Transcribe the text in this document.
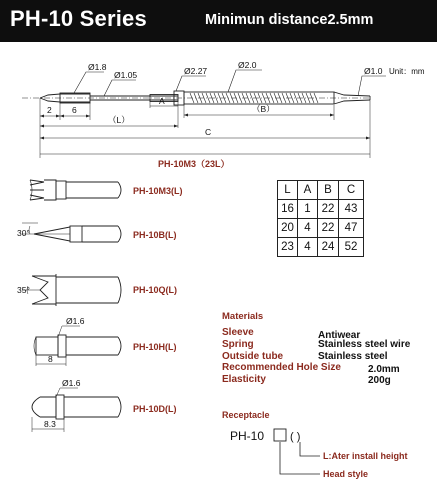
PH-10 Series	Minimun distance2.5mm
Ø1.8
Ø1.05	Ø2.27
Ø2.0
Ø1.0 Unit：mm
2 6
A
（B）
（L）
C
PH-10M3（23L）
30°
35°
Ø1.6
8
Ø1.6
8.3
PH-10M3(L)
PH-10B(L)
PH-10Q(L)
PH-10H(L)
PH-10D(L)
Receptacle
PH-10 ( )
L:Ater install height
Head style
L	A	B	C
16	1	22	43
20	4	22	47
23	4	24	52
Materials
Sleeve	Antiwear
Spring	Stainless steel wire
Outside tube	Stainless steel
Recommended Hole Size	2.0mm
Elasticity	200g
